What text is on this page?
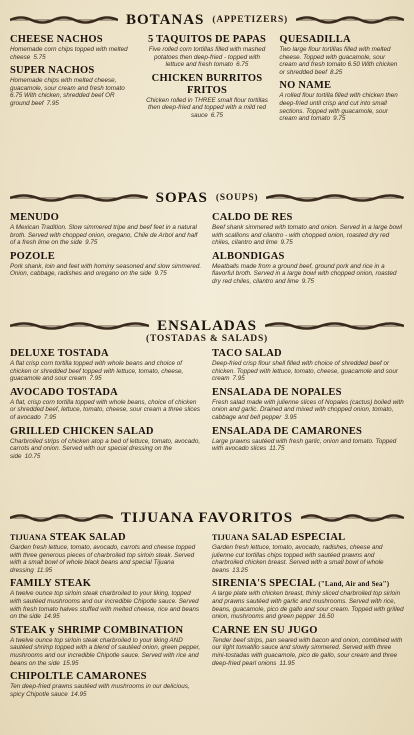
BOTANAS (APPETIZERS)
CHEESE NACHOS
Homemade corn chips topped with melted cheese 5.75
SUPER NACHOS
Homemade chips with melted cheese, guacamole, sour cream and fresh tomato 6.75 With chicken, shredded beef OR ground beef 7.95
5 TAQUITOS DE PAPAS
Five rolled corn tortillas filled with mashed potatoes then deep-fried - topped with lettuce and fresh tomato 6.75
CHICKEN BURRITOS FRITOS
Chicken rolled in THREE small flour tortillas then deep-fried and topped with a mild red sauce 6.75
QUESADILLA
Two large flour tortillas filled with melted cheese. Topped with guacamole, sour cream and fresh tomato 6.50 With chicken or shredded beef 8.25
NO NAME
A rolled flour tortilla filled with chicken then deep-fried until crisp and cut into small sections. Topped with guacamole, sour cream and tomato 9.75
SOPAS (SOUPS)
MENUDO
A Mexican Tradition. Slow simmered tripe and beef feet in a natural broth. Served with chopped onion, oregano, Chile de Arbol and half of a fresh lime on the side 9.75
POZOLE
Pork shank, loin and feet with hominy seasoned and slow simmered. Onion, cabbage, radishes and oregano on the side 9.75
CALDO DE RES
Beef shank simmered with tomato and onion. Served in a large bowl with scallions and cilantro - with chopped onion, roasted dry red chiles, cilantro and lime 9.75
ALBONDIGAS
Meatballs made from a ground beef, ground pork and rice in a flavorful broth. Served in a large bowl with chopped onion, roasted dry red chiles, cilantro and lime 9.75
ENSALADAS
(TOSTADAS & SALADS)
DELUXE TOSTADA
A flat crisp corn tortilla topped with whole beans and choice of chicken or shredded beef topped with lettuce, tomato, cheese, guacamole and sour cream 7.95
AVOCADO TOSTADA
A flat, crisp corn tortilla topped with whole beans, choice of chicken or shredded beef, lettuce, tomato, cheese, sour cream a three slices of avocado 7.95
GRILLED CHICKEN SALAD
Charbroiled strips of chicken atop a bed of lettuce, tomato, avocado, carrots and onion. Served with our special dressing on the side 10.75
TACO SALAD
Deep-fried crisp flour shell filled with choice of shredded beef or chicken. Topped with lettuce, tomato, cheese, guacamole and sour cream 7.95
ENSALADA DE NOPALES
Fresh salad made with julienne slices of Nopales (cactus) boiled with onion and garlic. Drained and mixed with chopped onion, tomato, cabbage and bell pepper 3.95
ENSALADA DE CAMARONES
Large prawns sautéed with fresh garlic, onion and tomato. Topped with avocado slices 11.75
TIJUANA FAVORITOS
TIJUANA STEAK SALAD
Garden fresh lettuce, tomato, avocado, carrots and cheese topped with three generous pieces of charbroiled top sirloin steak. Served with a small bowl of whole black beans and special Tijuana dressing 11.95
FAMILY STEAK
A twelve ounce top sirloin steak charbroiled to your liking, topped with sautéed mushrooms and our incredible Chipotle sauce. Served with fresh tomato halves stuffed with melted cheese, rice and beans on the side 14.95
STEAK y SHRIMP COMBINATION
A twelve ounce top sirloin steak charbroiled to your liking AND sautéed shrimp topped with a blend of sautéed onion, green pepper, mushrooms and our incredible Chipotle sauce. Served with rice and beans on the side 15.95
CHIPOLTLE CAMARONES
Ten deep-fried prawns sautéed with mushrooms in our delicious, spicy Chipotle sauce 14.95
TIJUANA SALAD ESPECIAL
Garden fresh lettuce, tomato, avocado, radishes, cheese and julienne cut tortillas chips topped with sautéed prawns and charbroiled chicken breast. Served with a small bowl of whole beans 13.25
SIRENIA'S SPECIAL ("Land, Air and Sea")
A large plate with chicken breast, thinly sliced charbroiled top sirloin and prawns sautéed with garlic and mushrooms. Served with rice, beans, guacamole, pico de gallo and sour cream. Topped with grilled onion, mushrooms and green pepper 16.50
CARNE EN SU JUGO
Tender beef strips, pan seared with bacon and onion, combined with our light tomatillo sauce and slowly simmered. Served with three mini-tostadas with guacamole, pico de gallo, sour cream and three deep-fried pearl onions 11.95
